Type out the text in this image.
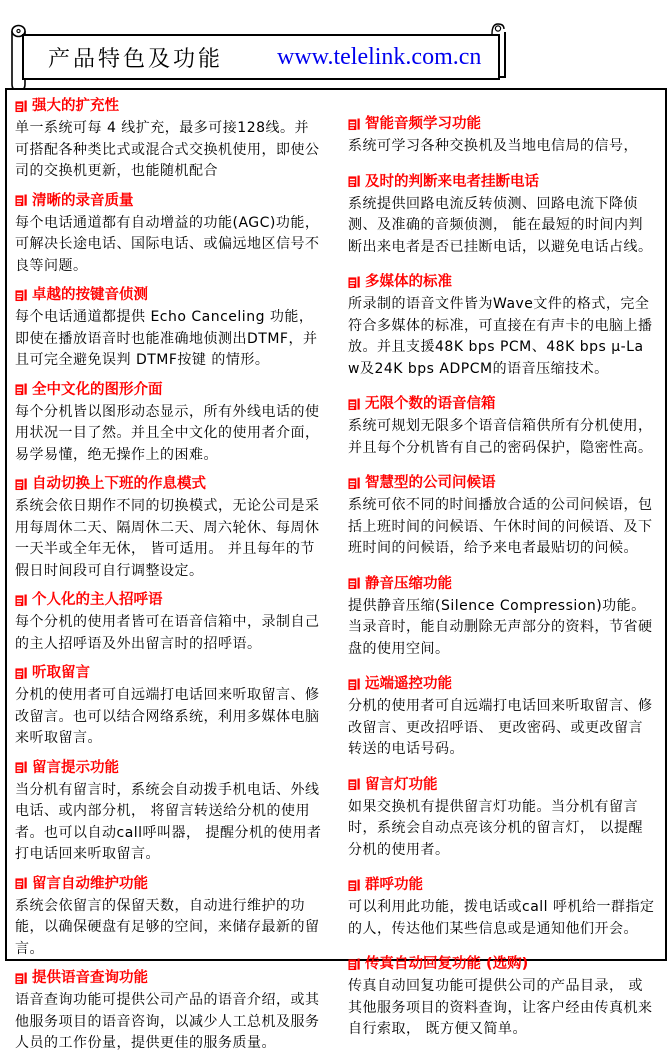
产品特色及功能 www.telelink.com.cn
强大的扩充性
单一系统可每 4 线扩充，最多可接128线。并可搭配各种类比式或混合式交换机使用，即使公司的交换机更新，也能随机配合
清晰的录音质量
每个电话通道都有自动增益的功能(AGC)功能，可解决长途电话、国际电话、或偏远地区信号不良等问题。
卓越的按键音侦测
每个电话通道都提供 Echo Canceling 功能，即使在播放语音时也能准确地侦测出DTMF，并且可完全避免误判 DTMF按键 的情形。
全中文化的图形介面
每个分机皆以图形动态显示，所有外线电话的使用状况一目了然。并且全中文化的使用者介面，易学易懂，绝无操作上的困难。
自动切换上下班的作息模式
系统会依日期作不同的切换模式，无论公司是采用每周休二天、隔周休二天、周六轮休、每周休一天半或全年无休， 皆可适用。 并且每年的节假日时间段可自行调整设定。
个人化的主人招呼语
每个分机的使用者皆可在语音信箱中，录制自己的主人招呼语及外出留言时的招呼语。
听取留言
分机的使用者可自远端打电话回来听取留言、修改留言。也可以结合网络系统，利用多媒体电脑来听取留言。
留言提示功能
当分机有留言时，系统会自动拨手机电话、外线电话、或内部分机， 将留言转送给分机的使用者。也可以自动call呼叫器， 提醒分机的使用者打电话回来听取留言。
留言自动维护功能
系统会依留言的保留天数，自动进行维护的功能，以确保硬盘有足够的空间，来储存最新的留言。
提供语音查询功能
语音查询功能可提供公司产品的语音介绍，或其他服务项目的语音咨询，以减少人工总机及服务人员的工作份量，提供更佳的服务质量。
智能音频学习功能
系统可学习各种交换机及当地电信局的信号，
及时的判断来电者挂断电话
系统提供回路电流反转侦测、回路电流下降侦测、及准确的音频侦测， 能在最短的时间内判断出来电者是否已挂断电话，以避免电话占线。
多媒体的标准
所录制的语音文件皆为Wave文件的格式，完全符合多媒体的标准，可直接在有声卡的电脑上播放。并且支援48K bps PCM、48K bps μ-Law及24K bps ADPCM的语音压缩技术。
无限个数的语音信箱
系统可规划无限多个语音信箱供所有分机使用，并且每个分机皆有自己的密码保护，隐密性高。
智慧型的公司问候语
系统可依不同的时间播放合适的公司问候语，包括上班时间的问候语、午休时间的问候语、及下班时间的问候语，给予来电者最贴切的问候。
静音压缩功能
提供静音压缩(Silence Compression)功能。当录音时，能自动删除无声部分的资料，节省硬盘的使用空间。
远端遥控功能
分机的使用者可自远端打电话回来听取留言、修改留言、更改招呼语、 更改密码、或更改留言转送的电话号码。
留言灯功能
如果交换机有提供留言灯功能。当分机有留言时，系统会自动点亮该分机的留言灯， 以提醒分机的使用者。
群呼功能
可以利用此功能，拨电话或call 呼机给一群指定的人，传达他们某些信息或是通知他们开会。
传真自动回复功能 (选购)
传真自动回复功能可提供公司的产品目录， 或其他服务项目的资料查询，让客户经由传真机来自行索取， 既方便又简单。
